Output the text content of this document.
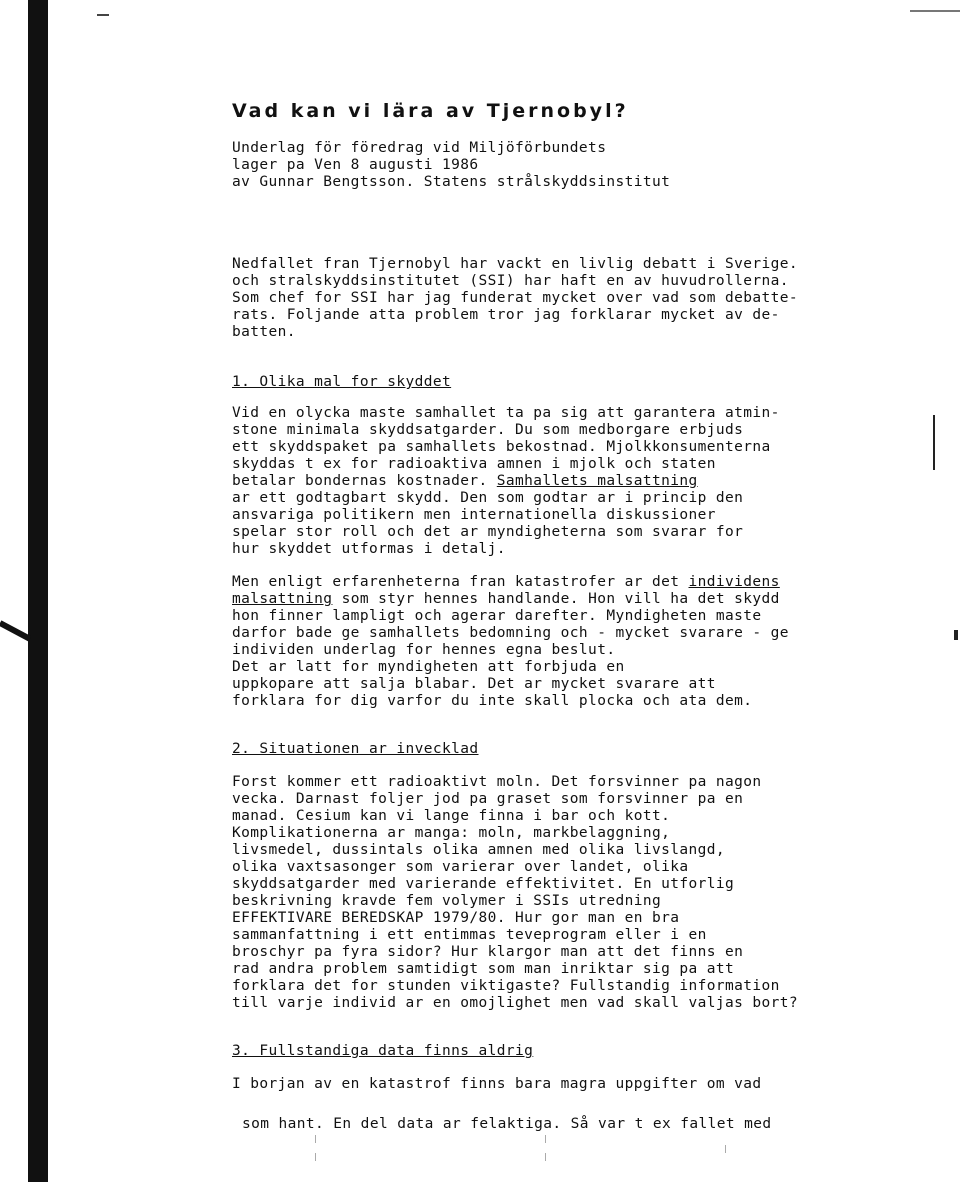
Vad kan vi lära av Tjernobyl?
Underlag för föredrag vid Miljöförbundets
lager pa Ven 8 augusti 1986
av Gunnar Bengtsson. Statens strålskyddsinstitut
Nedfallet fran Tjernobyl har vackt en livlig debatt i Sverige.
och stralskyddsinstitutet (SSI) har haft en av huvudrollerna.
Som chef for SSI har jag funderat mycket over vad som debatte-
rats. Foljande atta problem tror jag forklarar mycket av de-
batten.
1. Olika mal for skyddet
Vid en olycka maste samhallet ta pa sig att garantera atmin-
stone minimala skyddsatgarder. Du som medborgare erbjuds
ett skyddspaket pa samhallets bekostnad. Mjolkkonsumenterna
skyddas t ex for radioaktiva amnen i mjolk och staten
betalar bondernas kostnader. Samhallets malsattning
ar ett godtagbart skydd. Den som godtar ar i princip den
ansvariga politikern men internationella diskussioner
spelar stor roll och det ar myndigheterna som svarar for
hur skyddet utformas i detalj.
Men enligt erfarenheterna fran katastrofer ar det individens
malsattning som styr hennes handlande. Hon vill ha det skydd
hon finner lampligt och agerar darefter. Myndigheten maste
darfor bade ge samhallets bedomning och - mycket svarare - ge
individen underlag for hennes egna beslut.
Det ar latt for myndigheten att forbjuda en
uppkopare att salja blabar. Det ar mycket svarare att
forklara for dig varfor du inte skall plocka och ata dem.
2. Situationen ar invecklad
Forst kommer ett radioaktivt moln. Det forsvinner pa nagon
vecka. Darnast foljer jod pa graset som forsvinner pa en
manad. Cesium kan vi lange finna i bar och kott.
Komplikationerna ar manga: moln, markbelaggning,
livsmedel, dussintals olika amnen med olika livslangd,
olika vaxtsasonger som varierar over landet, olika
skyddsatgarder med varierande effektivitet. En utforlig
beskrivning kravde fem volymer i SSIs utredning
EFFEKTIVARE BEREDSKAP 1979/80. Hur gor man en bra
sammanfattning i ett entimmas teveprogram eller i en
broschyr pa fyra sidor? Hur klargor man att det finns en
rad andra problem samtidigt som man inriktar sig pa att
forklara det for stunden viktigaste? Fullstandig information
till varje individ ar en omojlighet men vad skall valjas bort?
3. Fullstandiga data finns aldrig
I borjan av en katastrof finns bara magra uppgifter om vad
som hant. En del data ar felaktiga. Så var t ex fallet med
